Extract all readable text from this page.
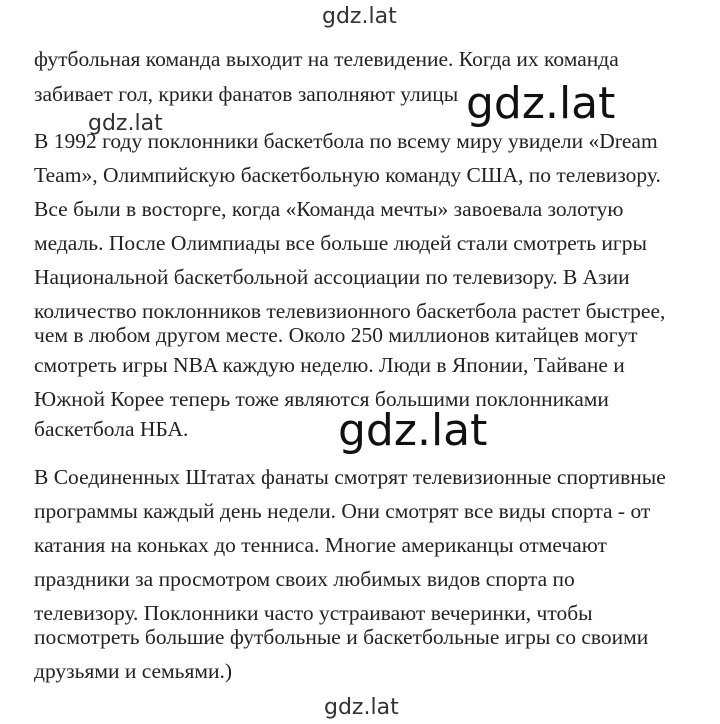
gdz.lat
футбольная команда выходит на телевидение. Когда их команда
забивает гол, крики фанатов заполняют улицы gdz.lat
gdz.lat
В 1992 году поклонники баскетбола по всему миру увидели «Dream
Team», Олимпийскую баскетбольную команду США, по телевизору.
Все были в восторге, когда «Команда мечты» завоевала золотую
медаль. После Олимпиады все больше людей стали смотреть игры
Национальной баскетбольной ассоциации по телевизору. В Азии
количество поклонников телевизионного баскетбола растет быстрее,
чем в любом другом месте. Около 250 миллионов китайцев могут
смотреть игры NBA каждую неделю. Люди в Японии, Тайване и
Южной Корее теперь тоже являются большими поклонниками
баскетбола НБА.	gdz.lat
В Соединенных Штатах фанаты смотрят телевизионные спортивные
программы каждый день недели. Они смотрят все виды спорта - от
катания на коньках до тенниса. Многие американцы отмечают
праздники за просмотром своих любимых видов спорта по
телевизору. Поклонники часто устраивают вечеринки, чтобы
посмотреть большие футбольные и баскетбольные игры со своими
друзьями и семьями.)
gdz.lat
